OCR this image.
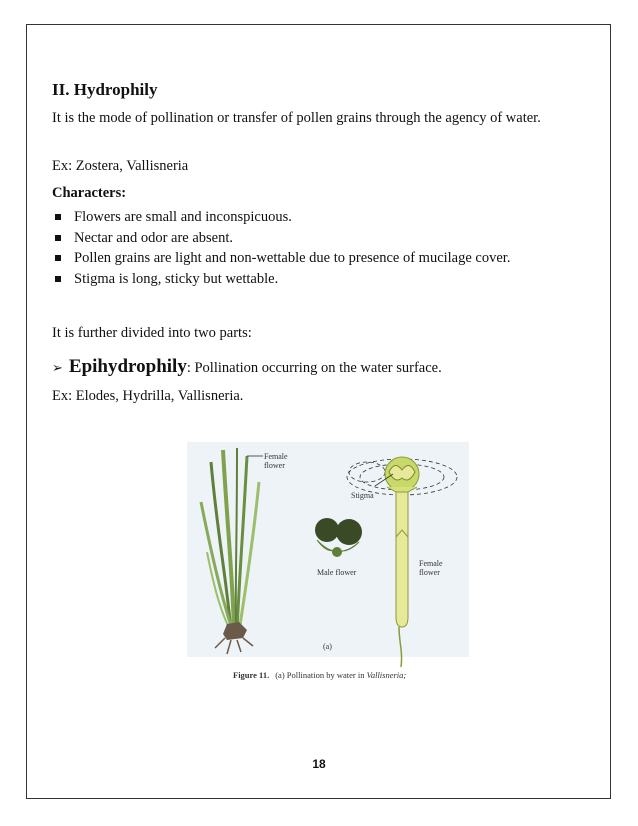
II. Hydrophily
It is the mode of pollination or transfer of pollen grains through the agency of water.
Ex: Zostera, Vallisneria
Characters:
Flowers are small and inconspicuous.
Nectar and odor are absent.
Pollen grains are light and non-wettable due to presence of mucilage cover.
Stigma is long, sticky but wettable.
It is further divided into two parts:
➢ Epihydrophily: Pollination occurring on the water surface.
Ex: Elodes, Hydrilla, Vallisneria.
Female
flower
Stigma
Female
flower
Male flower
(a)
Figure 11. (a) Pollination by water in Vallisneria;
18
